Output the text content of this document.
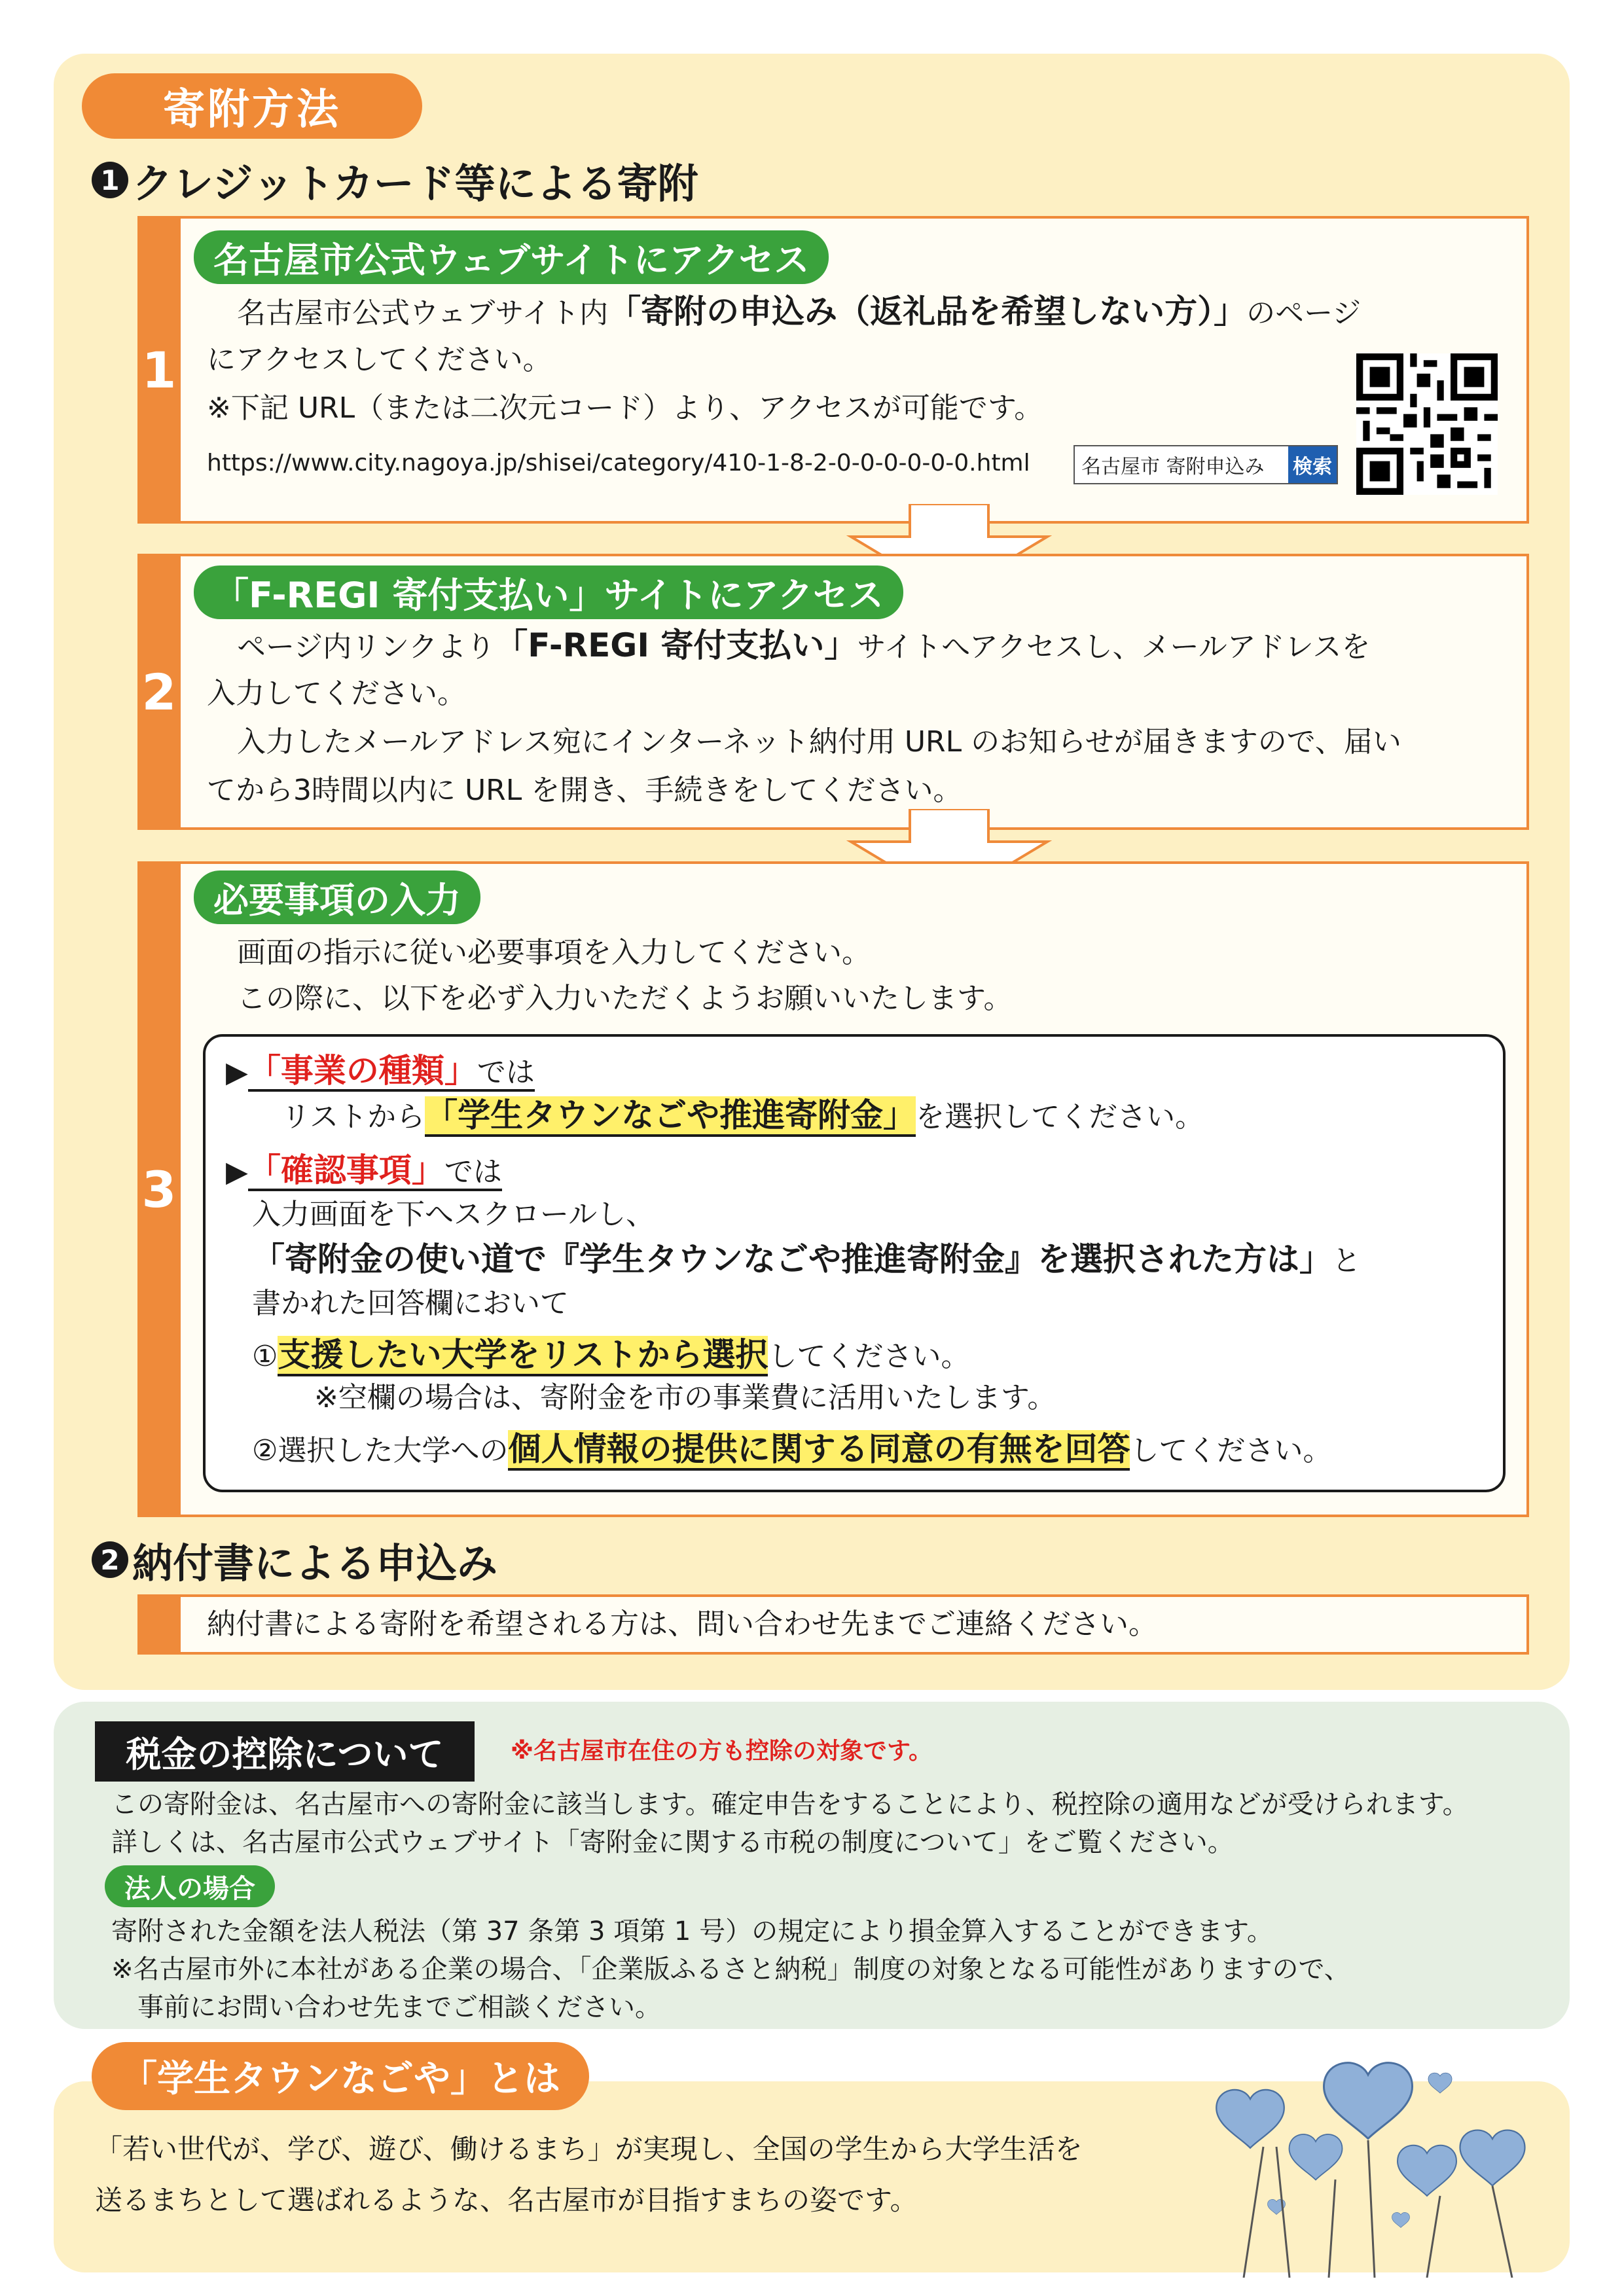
寄附方法
1 クレジットカード等による寄附
1
名古屋市公式ウェブサイトにアクセス
名古屋市公式ウェブサイト内「寄附の申込み（返礼品を希望しない方）」のページ
にアクセスしてください。
※下記 URL（または二次元コード）より、アクセスが可能です。
https://www.city.nagoya.jp/shisei/category/410-1-8-2-0-0-0-0-0-0.html	名古屋市 寄附申込み	検索
2
「F-REGI 寄付支払い」サイトにアクセス
ページ内リンクより「F-REGI 寄付支払い」サイトへアクセスし、メールアドレスを
入力してください。
入力したメールアドレス宛にインターネット納付用 URL のお知らせが届きますので、届い
てから3時間以内に URL を開き、手続きをしてください。
3
必要事項の入力
画面の指示に従い必要事項を入力してください。
この際に、以下を必ず入力いただくようお願いいたします。
▶「事業の種類」では
リストから「学生タウンなごや推進寄附金」を選択してください。
▶「確認事項」では
入力画面を下へスクロールし、
「寄附金の使い道で『学生タウンなごや推進寄附金』を選択された方は」と
書かれた回答欄において
①支援したい大学をリストから選択してください。
※空欄の場合は、寄附金を市の事業費に活用いたします。
②選択した大学への個人情報の提供に関する同意の有無を回答してください。
2 納付書による申込み
納付書による寄附を希望される方は、問い合わせ先までご連絡ください。
税金の控除について	※名古屋市在住の方も控除の対象です。
この寄附金は、名古屋市への寄附金に該当します。確定申告をすることにより、税控除の適用などが受けられます。
詳しくは、名古屋市公式ウェブサイト「寄附金に関する市税の制度について」をご覧ください。
法人の場合
寄附された金額を法人税法（第 37 条第 3 項第 1 号）の規定により損金算入することができます。
※名古屋市外に本社がある企業の場合、「企業版ふるさと納税」制度の対象となる可能性がありますので、
事前にお問い合わせ先までご相談ください。
「学生タウンなごや」とは
「若い世代が、学び、遊び、働けるまち」が実現し、全国の学生から大学生活を
送るまちとして選ばれるような、名古屋市が目指すまちの姿です。
